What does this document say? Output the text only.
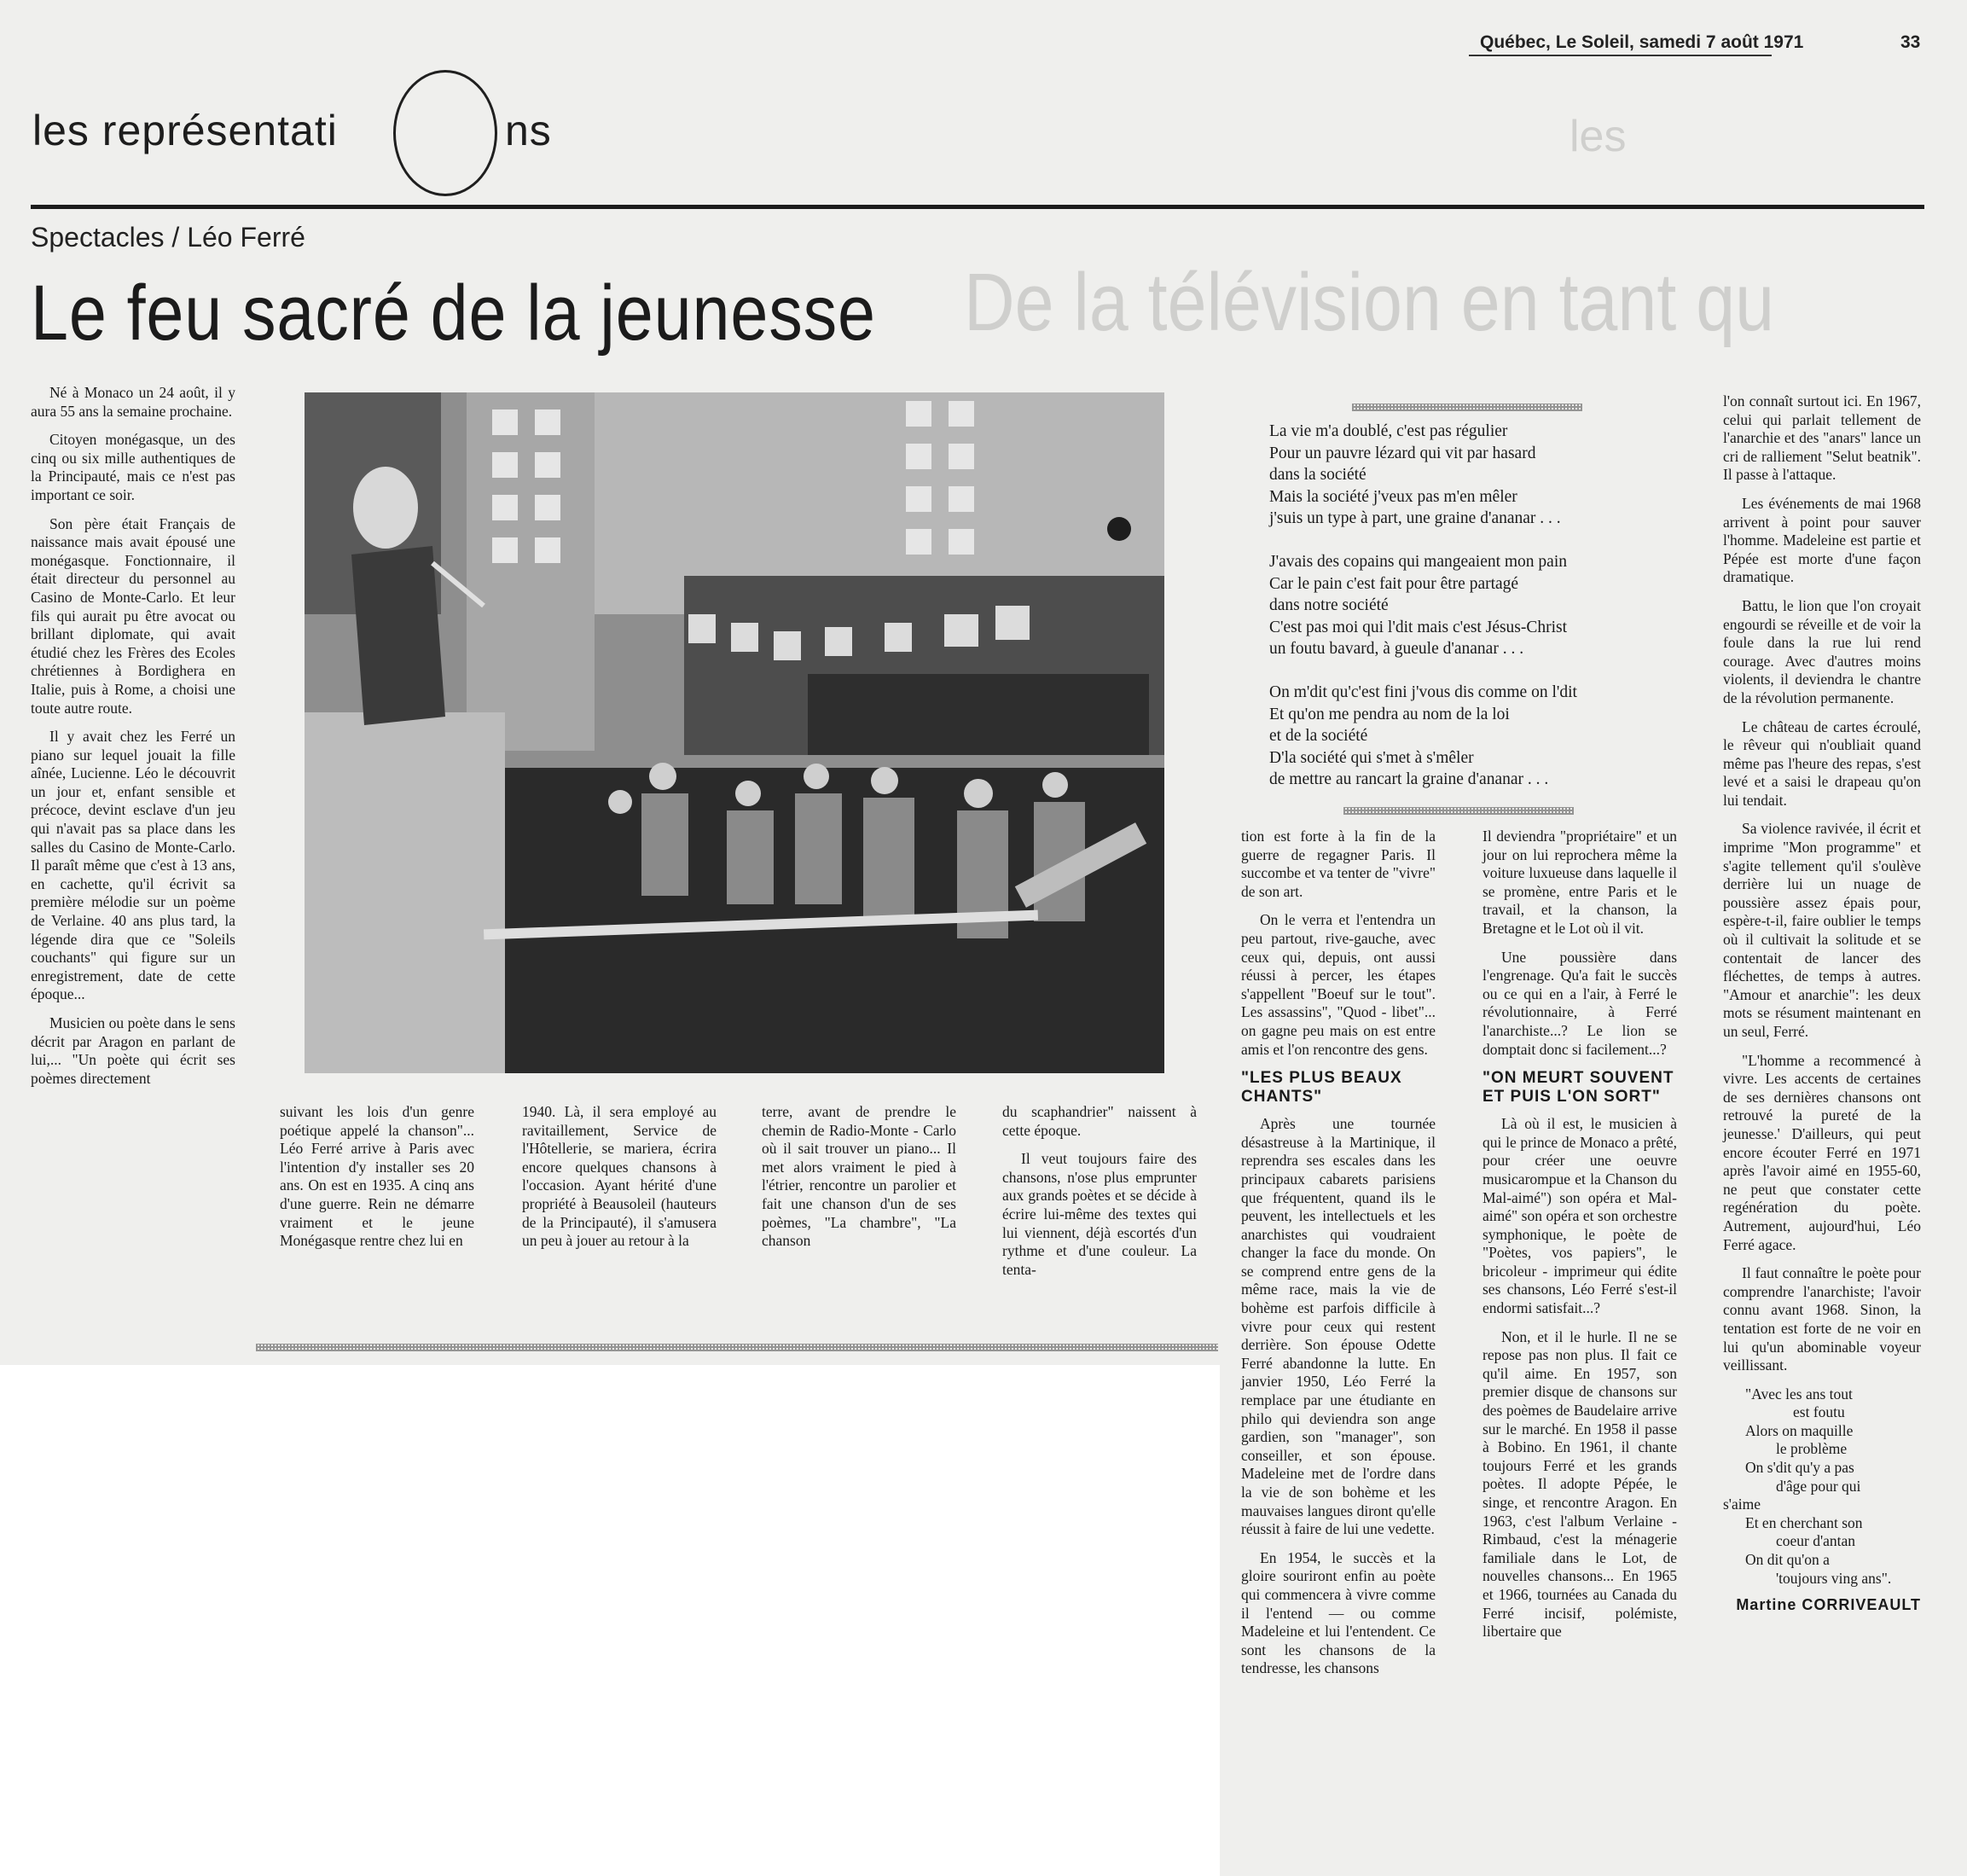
Québec, Le Soleil, samedi 7 août 1971	33
les représentati	ns	les
De la télévision en tant qu
Spectacles / Léo Ferré
Le feu sacré de la jeunesse

Né à Monaco un 24 août, il y aura 55 ans la semaine prochaine.

Citoyen monégasque, un des cinq ou six mille authentiques de la Principauté, mais ce n'est pas important ce soir.

Son père était Français de naissance mais avait épousé une monégasque. Fonctionnaire, il était directeur du personnel au Casino de Monte-Carlo. Et leur fils qui aurait pu être avocat ou brillant diplomate, qui avait étudié chez les Frères des Ecoles chrétiennes à Bordighera en Italie, puis à Rome, a choisi une toute autre route.

Il y avait chez les Ferré un piano sur lequel jouait la fille aînée, Lucienne. Léo le découvrit un jour et, enfant sensible et précoce, devint esclave d'un jeu qui n'avait pas sa place dans les salles du Casino de Monte-Carlo. Il paraît même que c'est à 13 ans, en cachette, qu'il écrivit sa première mélodie sur un poème de Verlaine. 40 ans plus tard, la légende dira que ce "Soleils couchants" qui figure sur un enregistrement, date de cette époque...

Musicien ou poète dans le sens décrit par Aragon en parlant de lui,... "Un poète qui écrit ses poèmes directement

suivant les lois d'un genre poétique appelé la chanson"... Léo Ferré arrive à Paris avec l'intention d'y installer ses 20 ans. On est en 1935. A cinq ans d'une guerre. Rein ne démarre vraiment et le jeune Monégasque rentre chez lui en

1940. Là, il sera employé au ravitaillement, Service de l'Hôtellerie, se mariera, écrira encore quelques chansons à l'occasion. Ayant hérité d'une propriété à Beausoleil (hauteurs de la Principauté), il s'amusera un peu à jouer au retour à la

terre, avant de prendre le chemin de Radio-Monte - Carlo où il sait trouver un piano... Il met alors vraiment le pied à l'étrier, rencontre un parolier et fait une chanson d'un de ses poèmes, "La chambre", "La chanson

du scaphandrier" naissent à cette époque.

Il veut toujours faire des chansons, n'ose plus emprunter aux grands poètes et se décide à écrire lui-même des textes qui lui viennent, déjà escortés d'un rythme et d'une couleur. La tenta-

La vie m'a doublé, c'est pas régulier
Pour un pauvre lézard qui vit par hasard
dans la société
Mais la société j'veux pas m'en mêler
j'suis un type à part, une graine d'ananar . . .
J'avais des copains qui mangeaient mon pain
Car le pain c'est fait pour être partagé
dans notre société
C'est pas moi qui l'dit mais c'est Jésus-Christ
un foutu bavard, à gueule d'ananar . . .
On m'dit qu'c'est fini j'vous dis comme on l'dit
Et qu'on me pendra au nom de la loi
et de la société
D'la société qui s'met à s'mêler
de mettre au rancart la graine d'ananar . . .

tion est forte à la fin de la guerre de regagner Paris. Il succombe et va tenter de "vivre" de son art.

On le verra et l'entendra un peu partout, rive-gauche, avec ceux qui, depuis, ont aussi réussi à percer, les étapes s'appellent "Boeuf sur le tout". Les assassins", "Quod - libet"... on gagne peu mais on est entre amis et l'on rencontre des gens.

"LES PLUS BEAUX CHANTS"

Après une tournée désastreuse à la Martinique, il reprendra ses escales dans les principaux cabarets parisiens que fréquentent, quand ils le peuvent, les intellectuels et les anarchistes qui voudraient changer la face du monde. On se comprend entre gens de la même race, mais la vie de bohème est parfois difficile à vivre pour ceux qui restent derrière. Son épouse Odette Ferré abandonne la lutte. En janvier 1950, Léo Ferré la remplace par une étudiante en philo qui deviendra son ange gardien, son "manager", son conseiller, et son épouse. Madeleine met de l'ordre dans la vie de son bohème et les mauvaises langues diront qu'elle réussit à faire de lui une vedette.

En 1954, le succès et la gloire souriront enfin au poète qui commencera à vivre comme il l'entend — ou comme Madeleine et lui l'entendent. Ce sont les chansons de la tendresse, les chansons

Il deviendra "propriétaire" et un jour on lui reprochera même la voiture luxueuse dans laquelle il se promène, entre Paris et le travail, et la chanson, la Bretagne et le Lot où il vit.

Une poussière dans l'engrenage. Qu'a fait le succès ou ce qui en a l'air, à Ferré le révolutionnaire, à Ferré l'anarchiste...? Le lion se domptait donc si facilement...?

"ON MEURT SOUVENT ET PUIS L'ON SORT"

Là où il est, le musicien à qui le prince de Monaco a prêté, pour créer une oeuvre musicarompue et la Chanson du Mal-aimé") son opéra et Mal-aimé" son opéra et son orchestre symphonique, le poète de "Poètes, vos papiers", le bricoleur - imprimeur qui édite ses chansons, Léo Ferré s'est-il endormi satisfait...?

Non, et il le hurle. Il ne se repose pas non plus. Il fait ce qu'il aime. En 1957, son premier disque de chansons sur des poèmes de Baudelaire arrive sur le marché. En 1958 il passe à Bobino. En 1961, il chante toujours Ferré et les grands poètes. Il adopte Pépée, le singe, et rencontre Aragon. En 1963, c'est l'album Verlaine - Rimbaud, c'est la ménagerie familiale dans le Lot, de nouvelles chansons... En 1965 et 1966, tournées au Canada du Ferré incisif, polémiste, libertaire que

l'on connaît surtout ici. En 1967, celui qui parlait tellement de l'anarchie et des "anars" lance un cri de ralliement "Selut beatnik". Il passe à l'attaque.

Les événements de mai 1968 arrivent à point pour sauver l'homme. Madeleine est partie et Pépée est morte d'une façon dramatique.

Battu, le lion que l'on croyait engourdi se réveille et de voir la foule dans la rue lui rend courage. Avec d'autres moins violents, il deviendra le chantre de la révolution permanente.

Le château de cartes écroulé, le rêveur qui n'oubliait quand même pas l'heure des repas, s'est levé et a saisi le drapeau qu'on lui tendait.

Sa violence ravivée, il écrit et imprime "Mon programme" et s'agite tellement qu'il s'oulève derrière lui un nuage de poussière assez épais pour, espère-t-il, faire oublier le temps où il cultivait la solitude et se contentait de lancer des fléchettes, de temps à autres. "Amour et anarchie": les deux mots se résument maintenant en un seul, Ferré.

"L'homme a recommencé à vivre. Les accents de certaines de ses dernières chansons ont retrouvé la pureté de la jeunesse.' D'ailleurs, qui peut encore écouter Ferré en 1971 après l'avoir aimé en 1955-60, ne peut que constater cette regénération du poète. Autrement, aujourd'hui, Léo Ferré agace.

Il faut connaître le poète pour comprendre l'anarchiste; l'avoir connu avant 1968. Sinon, la tentation est forte de ne voir en lui qu'un abominable voyeur veillissant.

"Avec les ans tout
est foutu
Alors on maquille
le problème
On s'dit qu'y a pas
d'âge pour qui
s'aime
Et en cherchant son
coeur d'antan
On dit qu'on a
'toujours ving ans".
Martine CORRIVEAULT
